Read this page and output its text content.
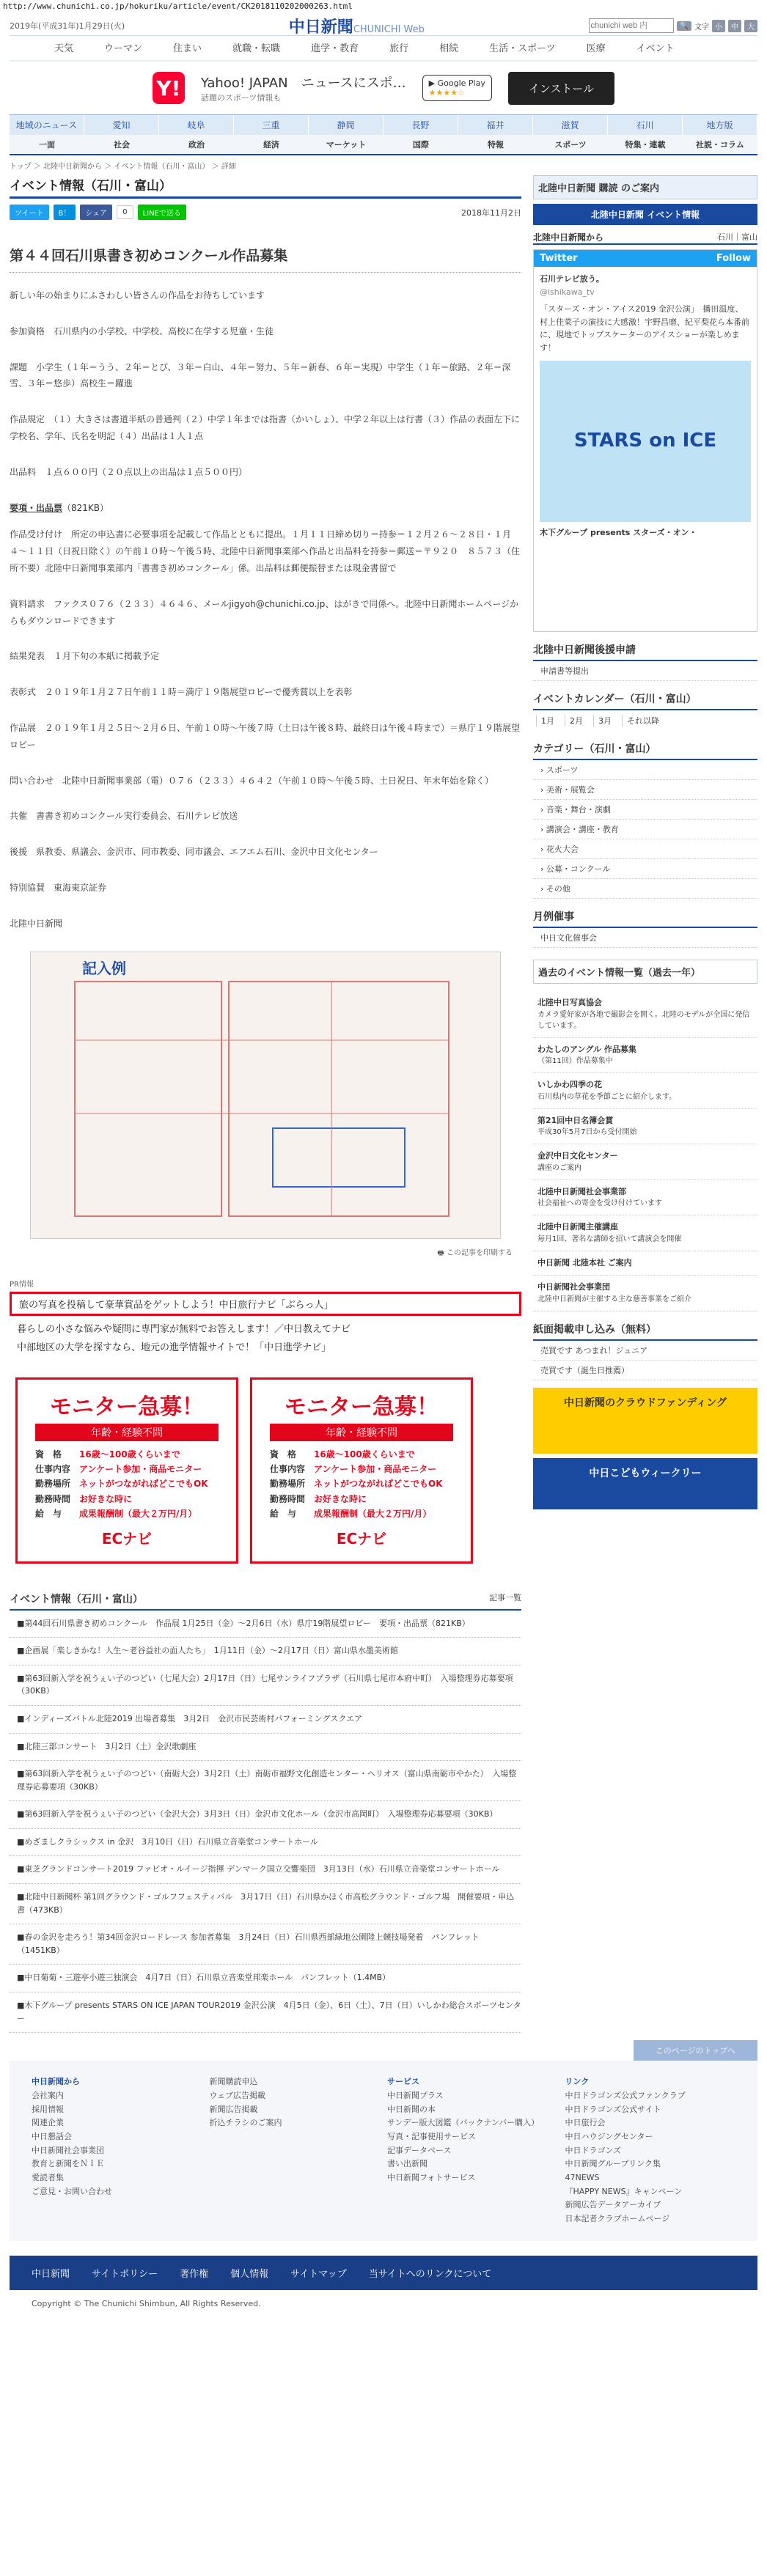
http://www.chunichi.co.jp/hokuriku/article/event/CK2018110202000263.html
2019年(平成31年)1月29日(火)	中日新聞CHUNICHI Web
chunichi web 内	🔍 文字 小	中	大
天気	ウーマン	住まい	就職・転職	進学・教育	旅行	相続	生活・スポーツ	医療	イベント
Y!	Yahoo! JAPAN　ニュースにスポ…
話題のスポーツ情報も
▶ Google Play
★★★★☆	インストール
地域のニュース	愛知	岐阜	三重	静岡	長野	福井	滋賀	石川	地方版
一面	社会	政治	経済	マーケット	国際	特報	スポーツ	特集・連載	社説・コラム
トップ ＞ 北陸中日新聞から ＞ イベント情報（石川・富山） ＞ 詳細
イベント情報（石川・富山）
ツイート	B！	シェア	0	LINEで送る	2018年11月2日
第４４回石川県書き初めコンクール作品募集

新しい年の始まりにふさわしい皆さんの作品をお待ちしています

参加資格　石川県内の小学校、中学校、高校に在学する児童・生徒

課題　小学生（１年＝うう、２年＝とび、３年＝白山、４年＝努力、５年＝新春、６年＝実現）中学生（１年＝旅路、２年＝深雪、３年＝悠歩）高校生＝躍進

作品規定　（１）大きさは書道半紙の普通判（２）中学１年までは指書（かいしょ）、中学２年以上は行書（３）作品の表面左下に学校名、学年、氏名を明記（４）出品は１人１点

出品料　１点６００円（２０点以上の出品は１点５００円）

要項・出品票（821KB）

作品受け付け　所定の申込書に必要事項を記載して作品とともに提出。１月１１日締め切り＝持参＝１２月２６〜２８日・１月４〜１１日（日祝日除く）の午前１０時〜午後５時、北陸中日新聞事業部へ作品と出品料を持参＝郵送＝〒９２０　８５７３（住所不要）北陸中日新聞事業部内「書書き初めコンクール」係。出品料は郵便振替または現金書留で

資料請求　ファクス０７６（２３３）４６４６、メールjigyoh@chunichi.co.jp、はがきで同係へ。北陸中日新聞ホームページからもダウンロードできます

結果発表　１月下旬の本紙に掲載予定

表彰式　２０１９年１月２７日午前１１時＝満庁１９階展望ロビーで優秀賞以上を表彰

作品展　２０１９年１月２５日〜２月６日、午前１０時〜午後７時（土日は午後８時、最終日は午後４時まで）＝県庁１９階展望ロビー

問い合わせ　北陸中日新聞事業部（電）０７６（２３３）４６４２（午前１０時〜午後５時、土日祝日、年末年始を除く）

共催　書書き初めコンクール実行委員会、石川テレビ放送

後援　県教委、県議会、金沢市、同市教委、同市議会、エフエム石川、金沢中日文化センター

特別協賛　東海東京証券

北陸中日新聞

記入例
🖶 この記事を印刷する
PR情報
旅の写真を投稿して豪華賞品をゲットしよう！中日旅行ナビ「ぶらっ人」
暮らしの小さな悩みや疑問に専門家が無料でお答えします！／中日教えてナビ
中部地区の大学を探すなら、地元の進学情報サイトで！「中日進学ナビ」
モニター急募！
年齢・経験不問
資　格 16歳〜100歳くらいまで
仕事内容 アンケート参加・商品モニター
勤務場所 ネットがつながればどこでもOK
勤務時間 お好きな時に
給　与 成果報酬制（最大２万円/月）
ECナビ
モニター急募！
年齢・経験不問
資　格 16歳〜100歳くらいまで
仕事内容 アンケート参加・商品モニター
勤務場所 ネットがつながればどこでもOK
勤務時間 お好きな時に
給　与 成果報酬制（最大２万円/月）
ECナビ
イベント情報（石川・富山）	記事一覧
■第44回石川県書き初めコンクール　作品展 1月25日（金）〜2月6日（水）県庁19階展望ロビー　要項・出品票（821KB）
■企画展「楽しきかな！人生〜老谷益社の面人たち」　1月11日（金）〜2月17日（日）富山県水墨美術館
■第63回新入学を祝うぇい子のつどい（七尾大会）2月17日（日）七尾サンライフプラザ（石川県七尾市本府中町）　入場整理券応募要項（30KB）
■インディーズバトル北陸2019 出場者募集　3月2日　金沢市民芸術村パフォーミングスクエア
■北陸三部コンサート　3月2日（土）金沢歌劇座
■第63回新入学を祝うぇい子のつどい（南砺大会）3月2日（土）南砺市福野文化創造センター・ヘリオス（富山県南砺市やかた）　入場整理券応募要項（30KB）
■第63回新入学を祝うぇい子のつどい（金沢大会）3月3日（日）金沢市文化ホール（金沢市高岡町）　入場整理券応募要項（30KB）
■めざましクラシックス in 金沢　3月10日（日）石川県立音楽堂コンサートホール
■東芝グランドコンサート2019 ファビオ・ルイージ指揮 デンマーク国立交響楽団　3月13日（水）石川県立音楽堂コンサートホール
■北陸中日新聞杯 第1回グラウンド・ゴルフフェスティバル　3月17日（日）石川県かほく市高松グラウンド・ゴルフ場　開催要項・申込書（473KB）
■春の金沢を走ろう！第34回金沢ロードレース 参加者募集　3月24日（日）石川県西部緑地公園陸上競技場発着　パンフレット（1451KB）
■中日菊菊・三遊亭小遊三独演会　4月7日（日）石川県立音楽堂邦楽ホール　パンフレット（1.4MB）
■木下グループ presents STARS ON ICE JAPAN TOUR2019 金沢公演　4月5日（金）、6日（土）、7日（日）いしかわ総合スポーツセンター
北陸中日新聞 購読 のご案内
北陸中日新聞 イベント情報
北陸中日新聞から	石川｜富山
Twitter	Follow
石川テレビ放う。
@ishikawa_tv
「スターズ・オン・アイス2019 金沢公演」　播田温度、村上佳菜子の演技に大感激！宇野昌磨、紀平梨花ら本番前に、現地でトップスケーターのアイスショーが楽しめます！
STARS on ICE
木下グループ presents スターズ・オン・
北陸中日新聞後援申請
申請書等提出
イベントカレンダー（石川・富山）
1月	2月	3月	それ以降
カテゴリー（石川・富山）
› スポーツ
› 美術・展覧会
› 音楽・舞台・演劇
› 講演会・講座・教育
› 花火大会
› 公募・コンクール
› その他
月例催事
中日文化催事会
過去のイベント情報一覧（過去一年）
北陸中日写真協会
カメラ愛好家が各地で撮影会を開く。北陸のモデルが全国に発信しています。
わたしのアングル 作品募集
（第11回）作品募集中
いしかわ四季の花
石川県内の草花を季節ごとに紹介します。
第21回中日名簿会賞
平成30年5月7日から受付開始
金沢中日文化センター
講座のご案内
北陸中日新聞社会事業部
社会福祉への寄金を受け付けています
北陸中日新聞主催講座
毎月1回、著名な講師を招いて講演会を開催
中日新聞 北陸本社 ご案内

中日新聞社会事業団
北陸中日新聞が主催する主な慈善事業をご紹介
紙面掲載申し込み（無料）
売買です あつまれ！ジュニア
売買です（誕生日推薦）
中日新聞のクラウドファンディング
中日こどもウィークリー
このページのトップへ
中日新聞から
会社案内
採用情報
関連企業
中日懇話会
中日新聞社会事業団
教育と新聞をＮＩＥ
愛読者集
ご意見・お問い合わせ
新聞購読申込
ウェブ広告掲載
新聞広告掲載
折込チラシのご案内
サービス
中日新聞プラス
中日新聞の本
サンデー版大図鑑（バックナンバー購入）
写真・記事使用サービス
記事データベース
書い出新聞
中日新聞フォトサービス
リンク
中日ドラゴンズ公式ファンクラブ
中日ドラゴンズ公式サイト
中日旅行会
中日ハウジングセンター
中日ドラゴンズ
中日新聞グループリンク集
47NEWS
『HAPPY NEWS』キャンペーン
新聞広告データアーカイブ
日本記者クラブホームページ
中日新聞 サイトポリシー 著作権 個人情報 サイトマップ 当サイトへのリンクについて
Copyright © The Chunichi Shimbun, All Rights Reserved.
